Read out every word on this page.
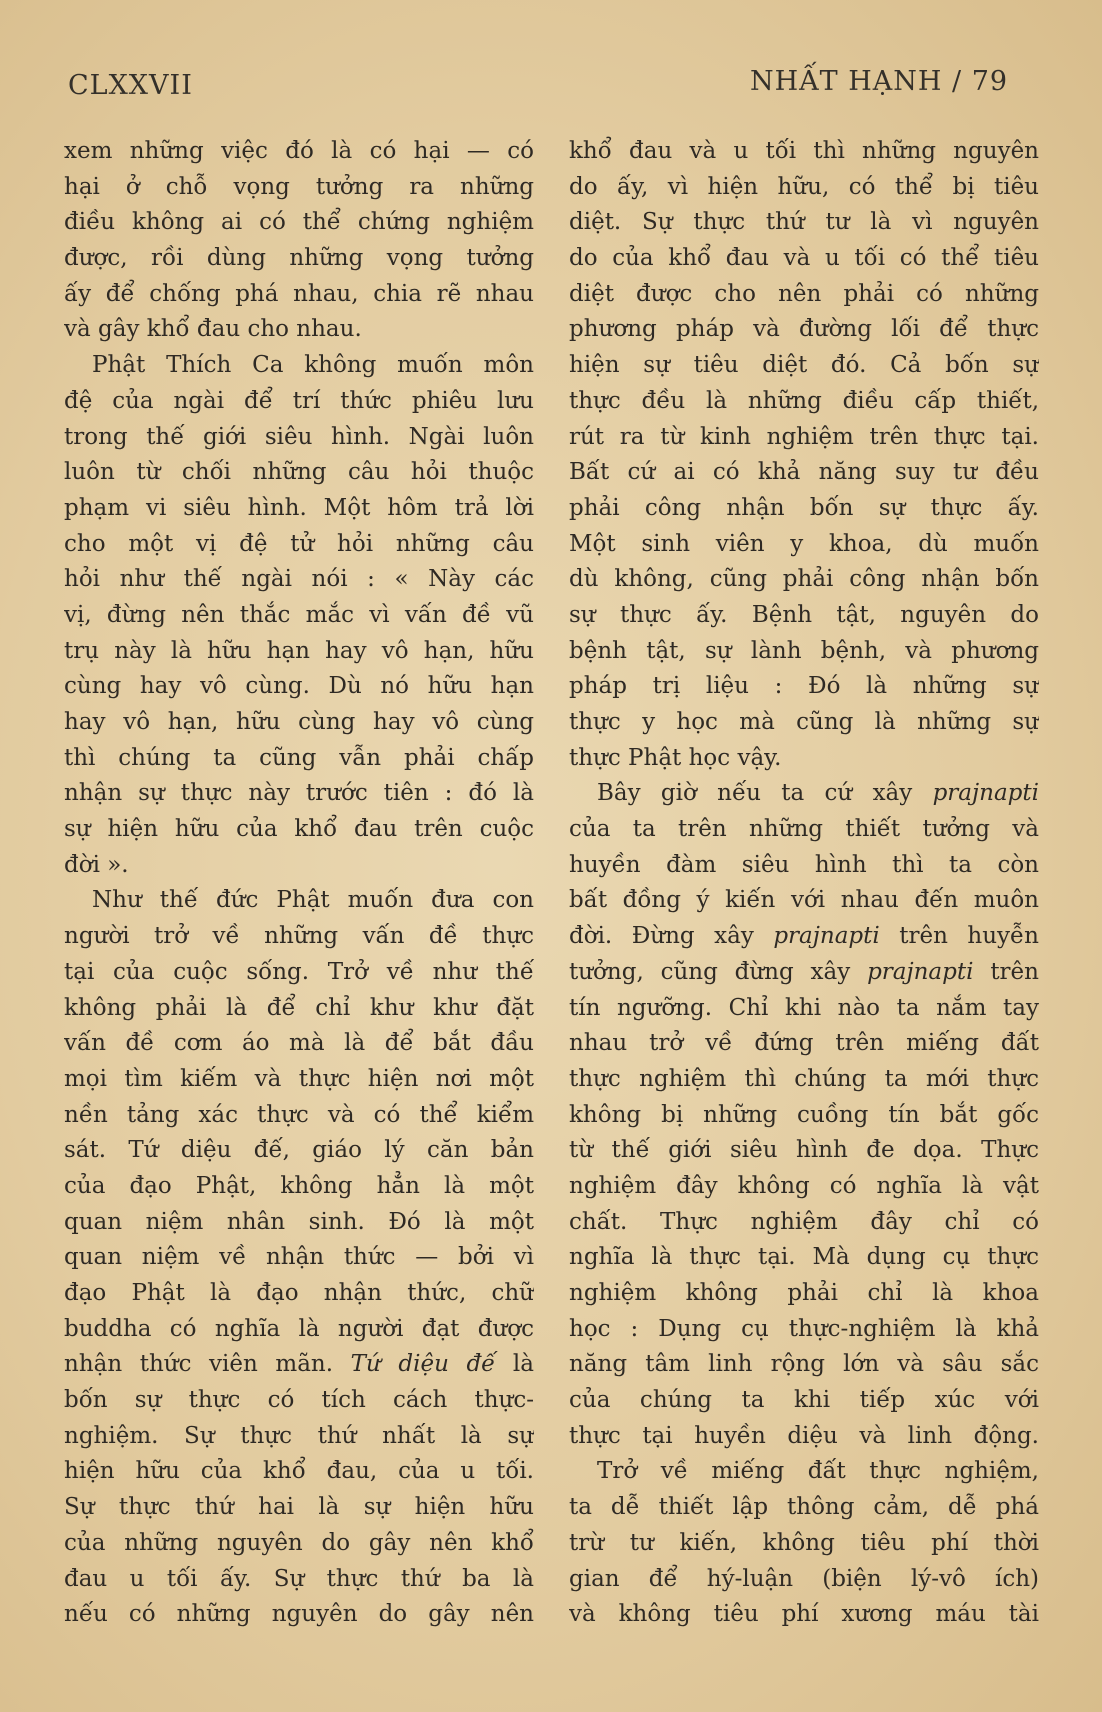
CLXXVII	NHẤT HẠNH / 79
xem những việc đó là có hại — có
hại ở chỗ vọng tưởng ra những
điều không ai có thể chứng nghiệm
được, rồi dùng những vọng tưởng
ấy để chống phá nhau, chia rẽ nhau
và gây khổ đau cho nhau.
Phật Thích Ca không muốn môn
đệ của ngài để trí thức phiêu lưu
trong thế giới siêu hình. Ngài luôn
luôn từ chối những câu hỏi thuộc
phạm vi siêu hình. Một hôm trả lời
cho một vị đệ tử hỏi những câu
hỏi như thế ngài nói : « Này các
vị, đừng nên thắc mắc vì vấn đề vũ
trụ này là hữu hạn hay vô hạn, hữu
cùng hay vô cùng. Dù nó hữu hạn
hay vô hạn, hữu cùng hay vô cùng
thì chúng ta cũng vẫn phải chấp
nhận sự thực này trước tiên : đó là
sự hiện hữu của khổ đau trên cuộc
đời ».
Như thế đức Phật muốn đưa con
người trở về những vấn đề thực
tại của cuộc sống. Trở về như thế
không phải là để chỉ khư khư đặt
vấn đề cơm áo mà là để bắt đầu
mọi tìm kiếm và thực hiện nơi một
nền tảng xác thực và có thể kiểm
sát. Tứ diệu đế, giáo lý căn bản
của đạo Phật, không hẳn là một
quan niệm nhân sinh. Đó là một
quan niệm về nhận thức — bởi vì
đạo Phật là đạo nhận thức, chữ
buddha có nghĩa là người đạt được
nhận thức viên mãn. Tứ diệu đế là
bốn sự thực có tích cách thực-
nghiệm. Sự thực thứ nhất là sự
hiện hữu của khổ đau, của u tối.
Sự thực thứ hai là sự hiện hữu
của những nguyên do gây nên khổ
đau u tối ấy. Sự thực thứ ba là
nếu có những nguyên do gây nên
khổ đau và u tối thì những nguyên
do ấy, vì hiện hữu, có thể bị tiêu
diệt. Sự thực thứ tư là vì nguyên
do của khổ đau và u tối có thể tiêu
diệt được cho nên phải có những
phương pháp và đường lối để thực
hiện sự tiêu diệt đó. Cả bốn sự
thực đều là những điều cấp thiết,
rút ra từ kinh nghiệm trên thực tại.
Bất cứ ai có khả năng suy tư đều
phải công nhận bốn sự thực ấy.
Một sinh viên y khoa, dù muốn
dù không, cũng phải công nhận bốn
sự thực ấy. Bệnh tật, nguyên do
bệnh tật, sự lành bệnh, và phương
pháp trị liệu : Đó là những sự
thực y học mà cũng là những sự
thực Phật học vậy.
Bây giờ nếu ta cứ xây prajnapti
của ta trên những thiết tưởng và
huyền đàm siêu hình thì ta còn
bất đồng ý kiến với nhau đến muôn
đời. Đừng xây prajnapti trên huyễn
tưởng, cũng đừng xây prajnapti trên
tín ngưỡng. Chỉ khi nào ta nắm tay
nhau trở về đứng trên miếng đất
thực nghiệm thì chúng ta mới thực
không bị những cuồng tín bắt gốc
từ thế giới siêu hình đe dọa. Thực
nghiệm đây không có nghĩa là vật
chất. Thực nghiệm đây chỉ có
nghĩa là thực tại. Mà dụng cụ thực
nghiệm không phải chỉ là khoa
học : Dụng cụ thực-nghiệm là khả
năng tâm linh rộng lớn và sâu sắc
của chúng ta khi tiếp xúc với
thực tại huyền diệu và linh động.
Trở về miếng đất thực nghiệm,
ta dễ thiết lập thông cảm, dễ phá
trừ tư kiến, không tiêu phí thời
gian để hý-luận (biện lý-vô ích)
và không tiêu phí xương máu tài
